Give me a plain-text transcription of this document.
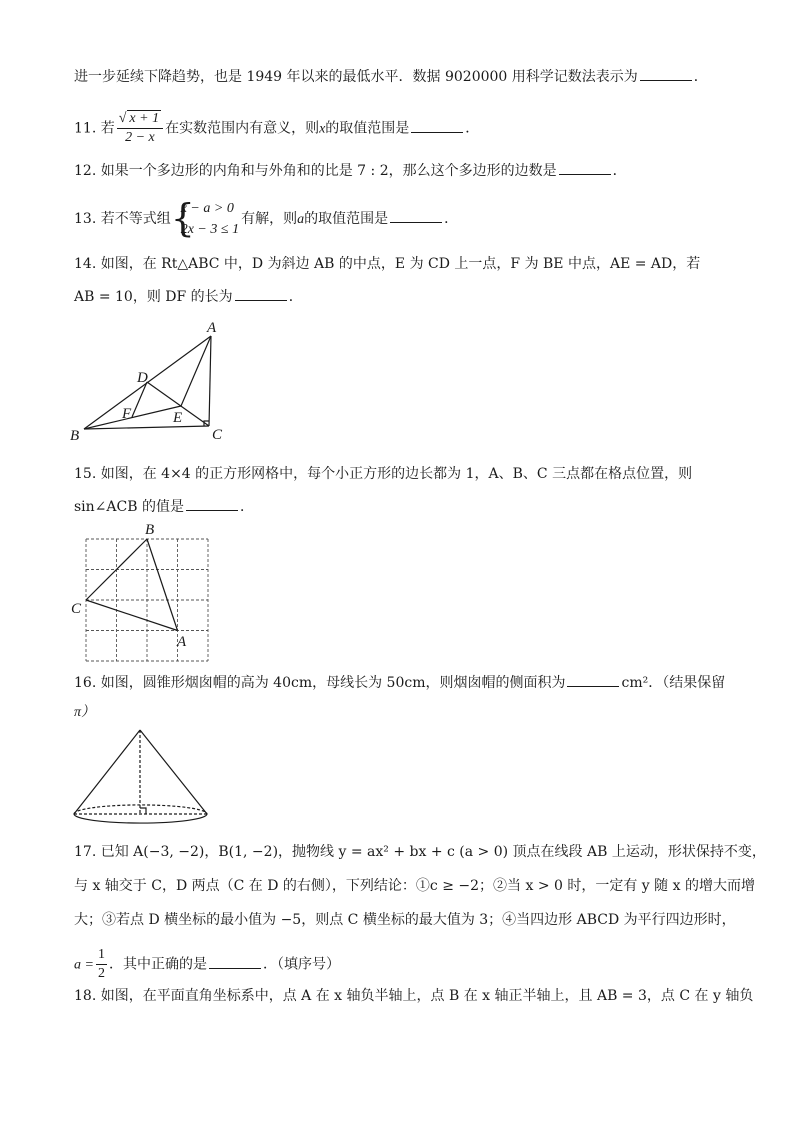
进一步延续下降趋势，也是 1949 年以来的最低水平．数据 9020000 用科学记数法表示为	．
11. 若 $\frac{√ x + 1}{2 - x}$ 在实数范围内有意义，则x的取值范围是	．
12. 如果一个多边形的内角和与外角和的比是 7 : 2，那么这个多边形的边数是	．
13. 若不等式组 {
x − a > 0
2x − 3 ≤ 1
有解，则a的取值范围是	．
14. 如图，在 Rt△ABC 中，D 为斜边 AB 的中点，E 为 CD 上一点，F 为 BE 中点，AE = AD，若
AB = 10，则 DF 的长为	．
A
B	C
D
E
F
15. 如图，在 4×4 的正方形网格中，每个小正方形的边长都为 1，A、B、C 三点都在格点位置，则
sin∠ACB 的值是	．
B
C
A
16. 如图，圆锥形烟囱帽的高为 40cm，母线长为 50cm，则烟囱帽的侧面积为	cm²．（结果保留
π）
17. 已知 A(−3, −2)，B(1, −2)，抛物线 y = ax² + bx + c (a > 0) 顶点在线段 AB 上运动，形状保持不变，
与 x 轴交于 C，D 两点（C 在 D 的右侧），下列结论：①c ≥ −2；②当 x > 0 时，一定有 y 随 x 的增大而增
大；③若点 D 横坐标的最小值为 −5，则点 C 横坐标的最大值为 3；④当四边形 ABCD 为平行四边形时，
$a = \frac{1}{2}$ ．其中正确的是	．（填序号）
18. 如图，在平面直角坐标系中，点 A 在 x 轴负半轴上，点 B 在 x 轴正半轴上，且 AB = 3，点 C 在 y 轴负
